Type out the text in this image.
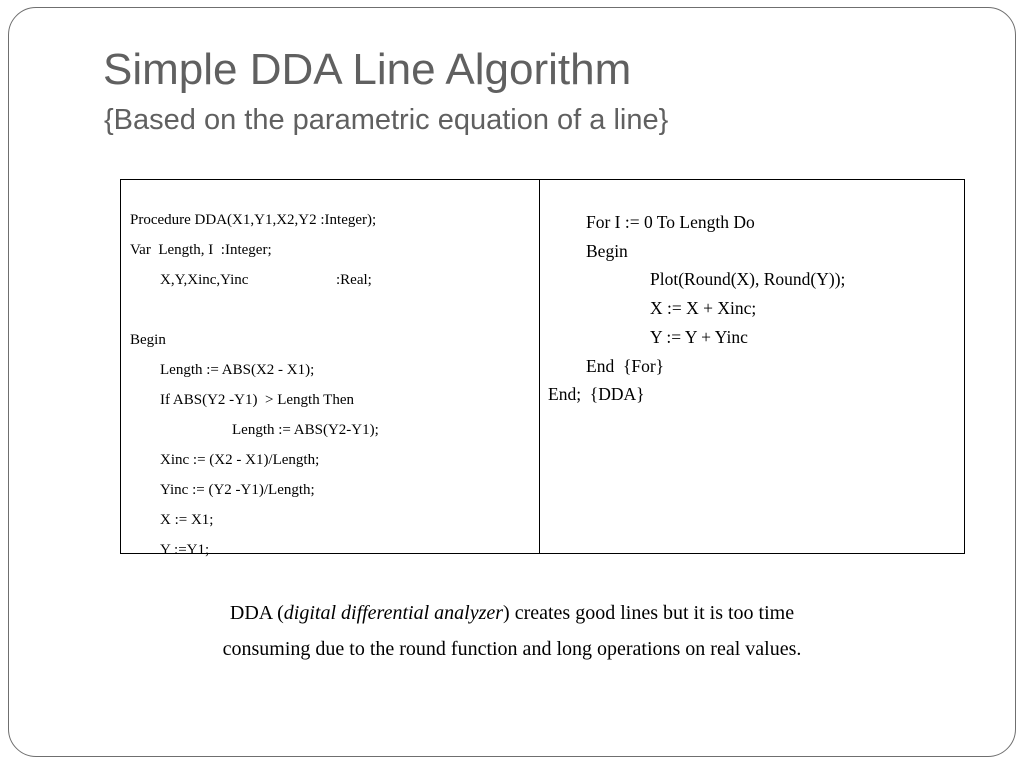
Simple DDA Line Algorithm
{Based on the parametric equation of a line}
Procedure DDA(X1,Y1,X2,Y2 :Integer);
Var  Length, I  :Integer;
X,Y,Xinc,Yinc	:Real;
Begin
Length := ABS(X2 - X1);
If ABS(Y2 -Y1)  > Length Then
Length := ABS(Y2-Y1);
Xinc := (X2 - X1)/Length;
Yinc := (Y2 -Y1)/Length;
X := X1;
Y :=Y1;
For I := 0 To Length Do
Begin
Plot(Round(X), Round(Y));
X := X + Xinc;
Y := Y + Yinc
End  {For}
End;  {DDA}
DDA (digital differential analyzer) creates good lines but it is too time
consuming due to the round function and long operations on real values.
